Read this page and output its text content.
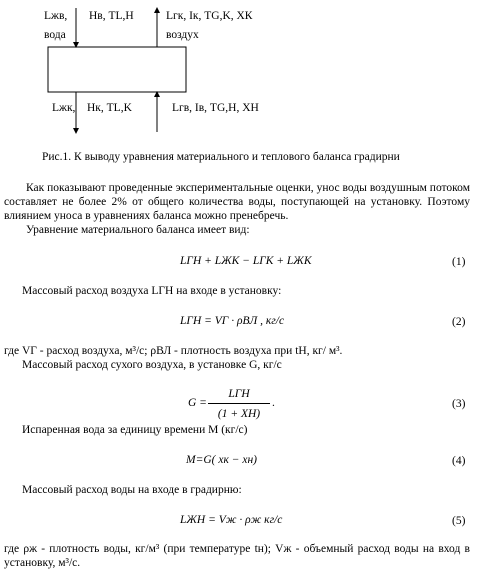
Lжв,
вода
Hв, TL,H	Lгк, Iк, TG,K, XК
воздух
Lжк, Hк, TL,K	Lгв, Iв, TG,H, XН
Рис.1. К выводу уравнения материального и теплового баланса градирни
Как показывают проведенные экспериментальные оценки, унос воды воздушным потоком составляет не более 2% от общего количества воды, поступающей на установку. Поэтому влиянием уноса в уравнениях баланса можно пренебречь.
Уравнение материального баланса имеет вид:
LГН + LЖК − LГК + LЖК	(1)
Массовый расход воздуха LГН на входе в установку:
LГН = VГ · ρВЛ , кг/с	(2)
где VГ - расход воздуха, м³/с; ρВЛ - плотность воздуха при tН, кг/ м³.
Массовый расход сухого воздуха, в установке G, кг/с
G =
LГН
(1 + XН)
.	(3)
Испаренная вода за единицу времени М (кг/с)
M=G( xк − xн)	(4)
Массовый расход воды на входе в градирню:
LЖН = Vж · ρж кг/с	(5)
где ρж - плотность воды, кг/м³ (при температуре tн); Vж - объемный расход воды на вход в установку, м³/с.
